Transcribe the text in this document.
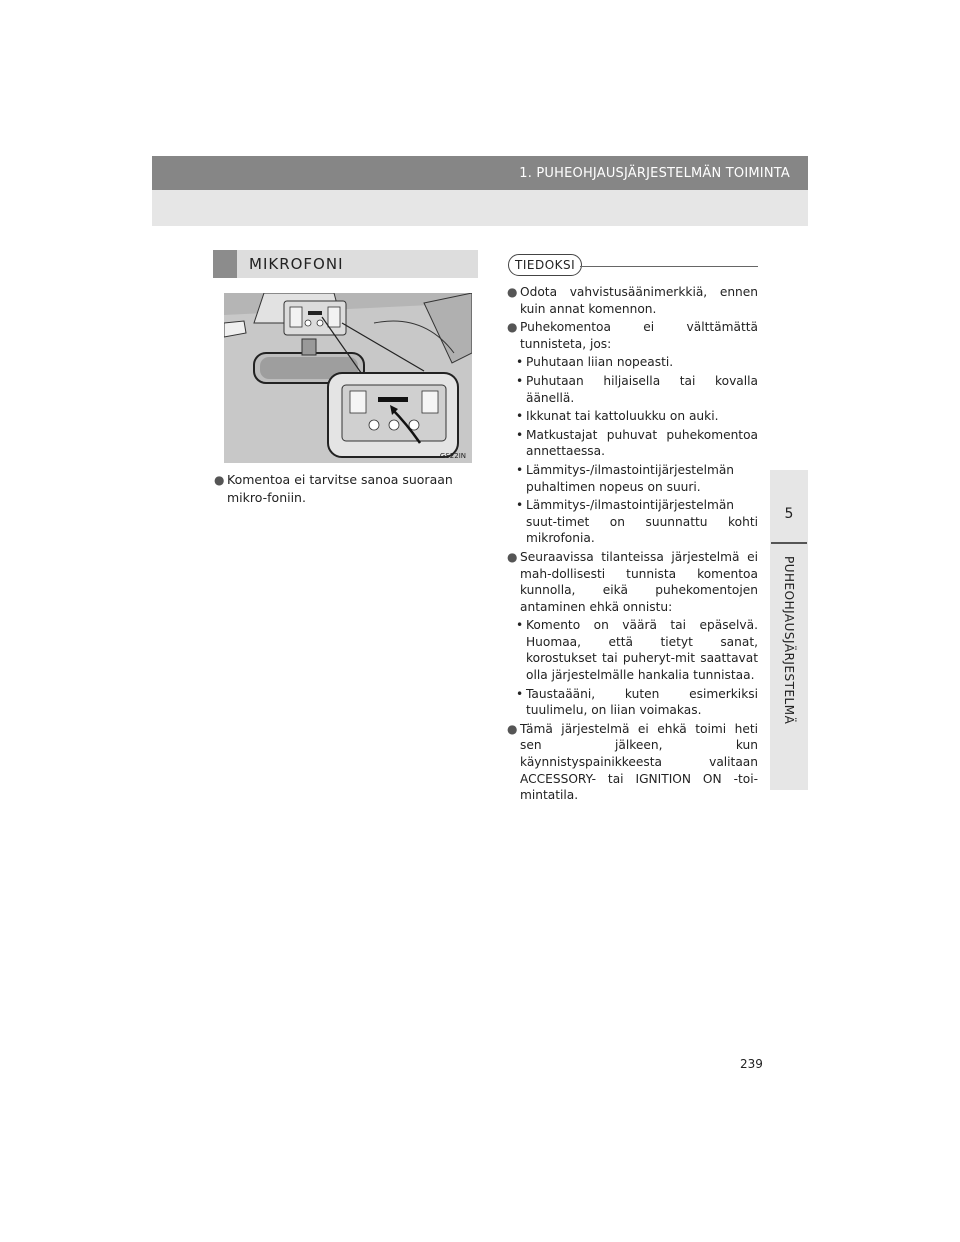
1. PUHEOHJAUSJÄRJESTELMÄN TOIMINTA
5
PUHEOHJAUSJÄRJESTELMÄ
MIKROFONI
GS22IN
● Komentoa ei tarvitse sanoa suoraan mikro-foniin.
TIEDOKSI
● Odota vahvistusäänimerkkiä, ennen kuin annat komennon.
● Puhekomentoa ei välttämättä tunnisteta, jos:
• Puhutaan liian nopeasti.
• Puhutaan hiljaisella tai kovalla äänellä.
• Ikkunat tai kattoluukku on auki.
• Matkustajat puhuvat puhekomentoa annettaessa.
• Lämmitys-/ilmastointijärjestelmän puhaltimen nopeus on suuri.
• Lämmitys-/ilmastointijärjestelmän suut-timet on suunnattu kohti mikrofonia.
● Seuraavissa tilanteissa järjestelmä ei mah-dollisesti tunnista komentoa kunnolla, eikä puhekomentojen antaminen ehkä onnistu:
• Komento on väärä tai epäselvä. Huomaa, että tietyt sanat, korostukset tai puheryt-mit saattavat olla järjestelmälle hankalia tunnistaa.
• Taustaääni, kuten esimerkiksi tuulimelu, on liian voimakas.
● Tämä järjestelmä ei ehkä toimi heti sen jälkeen, kun käynnistyspainikkeesta valitaan ACCESSORY- tai IGNITION ON -toi-mintatila.
239
